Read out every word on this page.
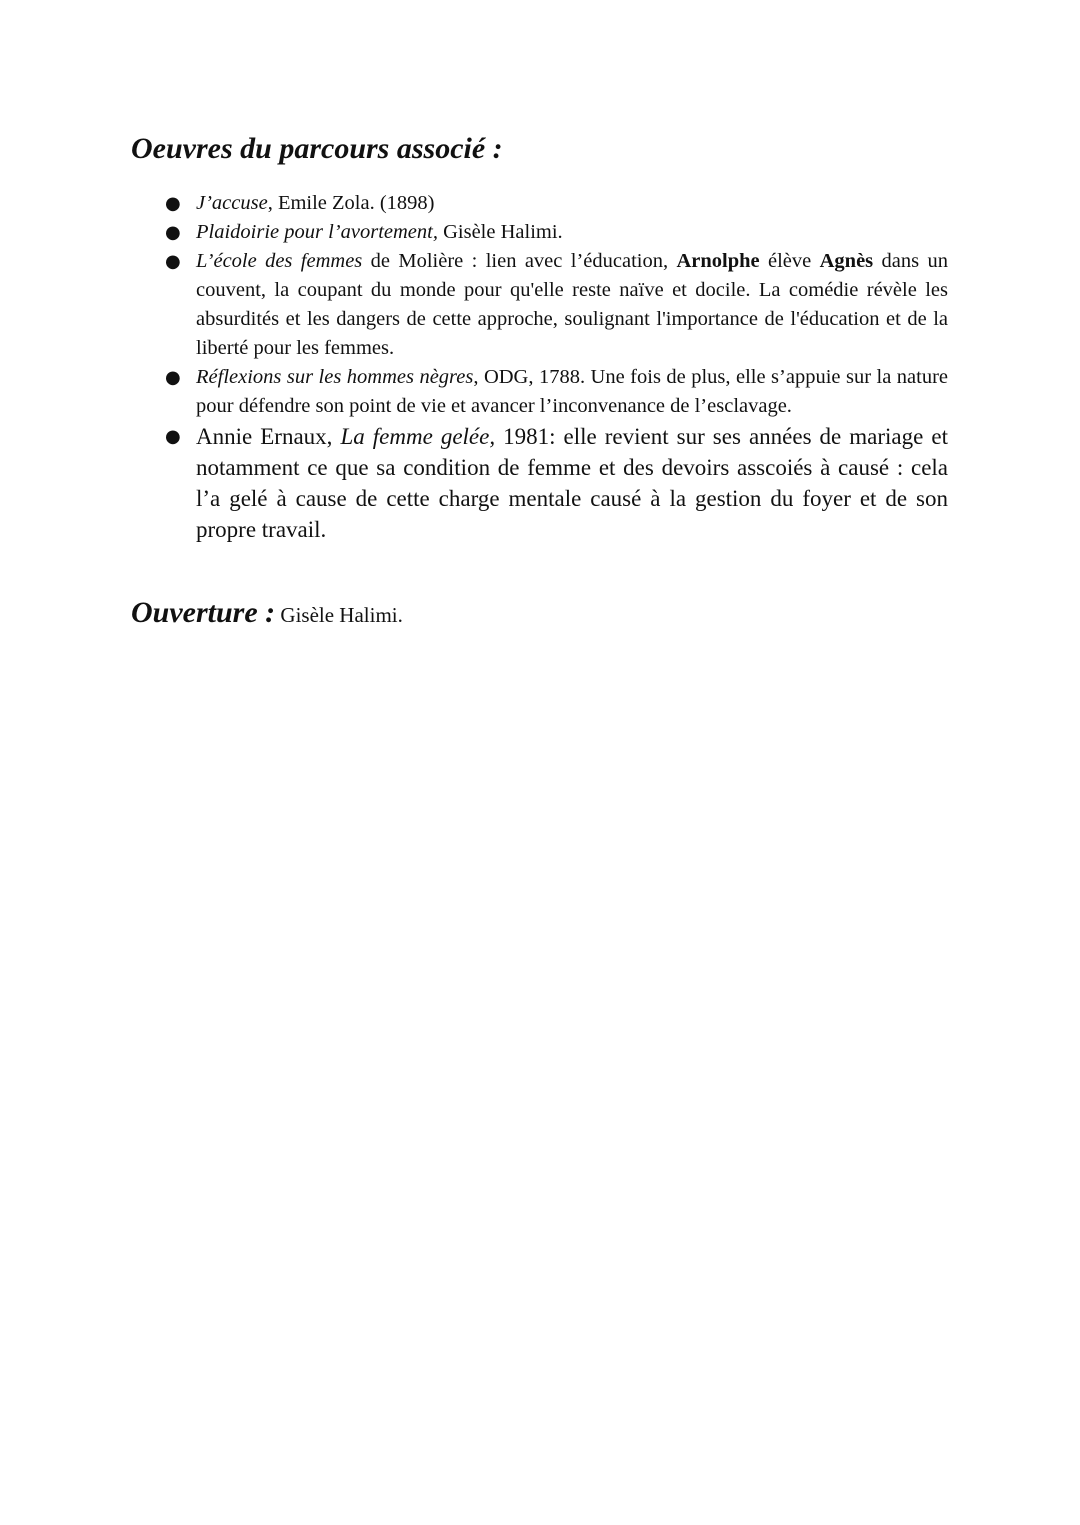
Oeuvres du parcours associé :
● J’accuse, Emile Zola. (1898)
● Plaidoirie pour l’avortement, Gisèle Halimi.
● L’école des femmes de Molière : lien avec l’éducation, Arnolphe élève Agnès dans un couvent, la coupant du monde pour qu'elle reste naïve et docile. La comédie révèle les absurdités et les dangers de cette approche, soulignant l'importance de l'éducation et de la liberté pour les femmes.
● Réflexions sur les hommes nègres, ODG, 1788. Une fois de plus, elle s’appuie sur la nature pour défendre son point de vie et avancer l’inconvenance de l’esclavage.
● Annie Ernaux, La femme gelée, 1981: elle revient sur ses années de mariage et notamment ce que sa condition de femme et des devoirs asscoiés à causé : cela l’a gelé à cause de cette charge mentale causé à la gestion du foyer et de son propre travail.
Ouverture : Gisèle Halimi.
